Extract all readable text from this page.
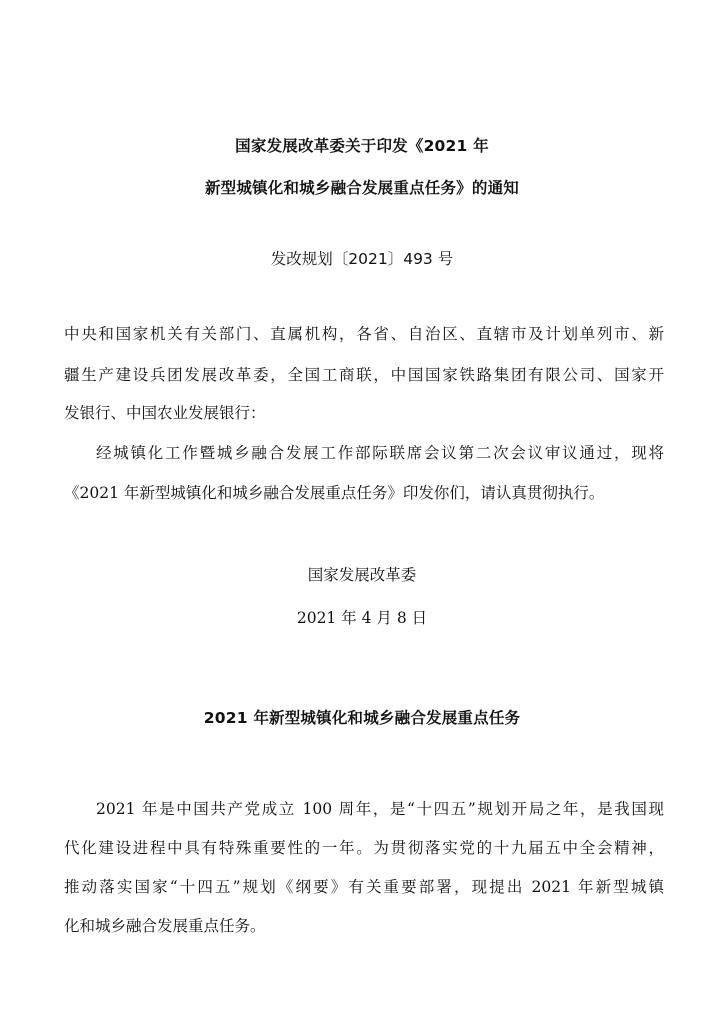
国家发展改革委关于印发《2021 年
新型城镇化和城乡融合发展重点任务》的通知
发改规划〔2021〕493 号
中央和国家机关有关部门、直属机构，各省、自治区、直辖市及计划单列市、新
疆生产建设兵团发展改革委，全国工商联，中国国家铁路集团有限公司、国家开
发银行、中国农业发展银行：
经城镇化工作暨城乡融合发展工作部际联席会议第二次会议审议通过，现将
《2021 年新型城镇化和城乡融合发展重点任务》印发你们，请认真贯彻执行。
国家发展改革委
2021 年 4 月 8 日
2021 年新型城镇化和城乡融合发展重点任务
2021 年是中国共产党成立 100 周年，是“十四五”规划开局之年，是我国现
代化建设进程中具有特殊重要性的一年。为贯彻落实党的十九届五中全会精神，
推动落实国家“十四五”规划《纲要》有关重要部署，现提出 2021 年新型城镇
化和城乡融合发展重点任务。
